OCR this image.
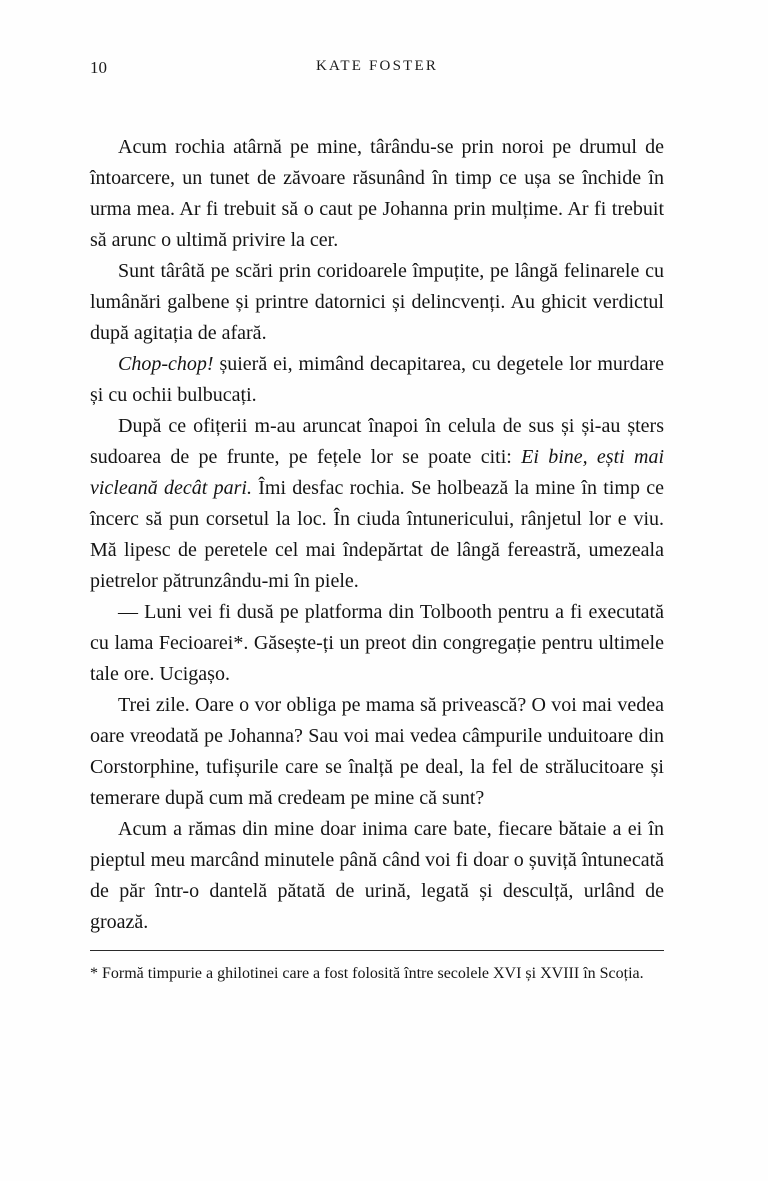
10	KATE FOSTER

Acum rochia atârnă pe mine, târându-se prin noroi pe drumul de întoarcere, un tunet de zăvoare răsunând în timp ce ușa se închide în urma mea. Ar fi trebuit să o caut pe Johanna prin mulțime. Ar fi trebuit să arunc o ultimă privire la cer.

Sunt târâtă pe scări prin coridoarele împuțite, pe lângă felinarele cu lumânări galbene și printre datornici și delincvenți. Au ghicit verdictul după agitația de afară.

Chop-chop! șuieră ei, mimând decapitarea, cu degetele lor murdare și cu ochii bulbucați.

După ce ofițerii m-au aruncat înapoi în celula de sus și și-au șters sudoarea de pe frunte, pe fețele lor se poate citi: Ei bine, ești mai vicleană decât pari. Îmi desfac rochia. Se holbează la mine în timp ce încerc să pun corsetul la loc. În ciuda întunericului, rânjetul lor e viu. Mă lipesc de peretele cel mai îndepărtat de lângă fereastră, umezeala pietrelor pătrunzându-mi în piele.

— Luni vei fi dusă pe platforma din Tolbooth pentru a fi executată cu lama Fecioarei*. Găsește-ți un preot din congregație pentru ultimele tale ore. Ucigașo.

Trei zile. Oare o vor obliga pe mama să privească? O voi mai vedea oare vreodată pe Johanna? Sau voi mai vedea câmpurile unduitoare din Corstorphine, tufișurile care se înalță pe deal, la fel de strălucitoare și temerare după cum mă credeam pe mine că sunt?

Acum a rămas din mine doar inima care bate, fiecare bătaie a ei în pieptul meu marcând minutele până când voi fi doar o șuviță întunecată de păr într-o dantelă pătată de urină, legată și desculță, urlând de groază.

* Formă timpurie a ghilotinei care a fost folosită între secolele XVI și XVIII în Scoția.
